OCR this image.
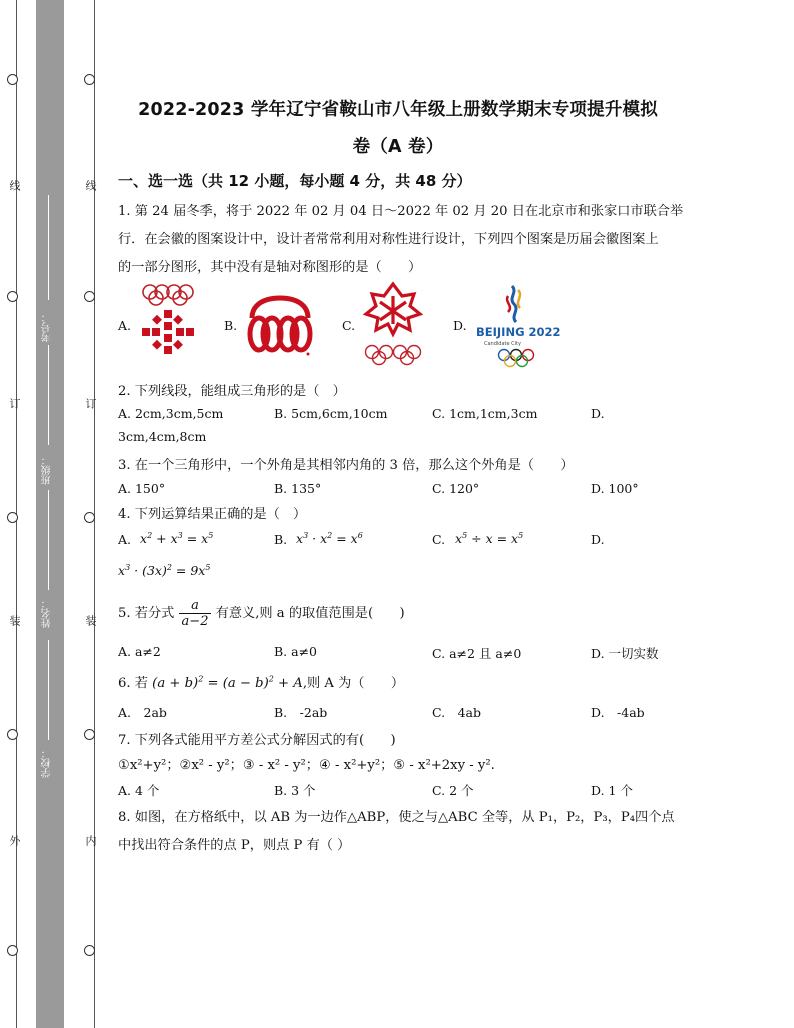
线
订
装
外
线
订
装
内
考号：
班级：
姓名：
学校：
2022-2023 学年辽宁省鞍山市八年级上册数学期末专项提升模拟
卷（A 卷）
一、选一选（共 12 小题，每小题 4 分，共 48 分）
1. 第 24 届冬季，将于 2022 年 02 月 04 日～2022 年 02 月 20 日在北京市和张家口市联合举
行．在会徽的图案设计中，设计者常常利用对称性进行设计，下列四个图案是历届会徽图案上
的一部分图形，其中没有是轴对称图形的是（　　）
A.	B.	C.	D. BEIJING 2022
Candidate City
2. 下列线段，能组成三角形的是（　）
A. 2cm,3cm,5cm	B. 5cm,6cm,10cm	C. 1cm,1cm,3cm	D.
3cm,4cm,8cm
3. 在一个三角形中，一个外角是其相邻内角的 3 倍，那么这个外角是（　　）
A. 150°	B. 135°	C. 120°	D. 100°
4. 下列运算结果正确的是（　）
A. $x^2 + x^3 = x^5$	B. $x^3 \cdot x^2 = x^6$	C. $x^5 \div x = x^5$	D.
$x^3 \cdot (3x)^2 = 9x^5$
5. 若分式 $\frac{a}{a-2}$ 有意义,则 a 的取值范围是(　　)
A. a≠2	B. a≠0	C. a≠2 且 a≠0	D. 一切实数
6. 若 $(a + b)^2 = (a - b)^2 + A$,则 A 为（　　）
A.　2ab	B.　-2ab	C.　4ab	D.　-4ab
7. 下列各式能用平方差公式分解因式的有(　　)
①x²+y²；②x² - y²；③ - x² - y²；④ - x²+y²；⑤ - x²+2xy - y².
A. 4 个	B. 3 个	C. 2 个	D. 1 个
8. 如图，在方格纸中，以 AB 为一边作△ABP，使之与△ABC 全等，从 P₁，P₂，P₃，P₄四个点
中找出符合条件的点 P，则点 P 有（ ）
